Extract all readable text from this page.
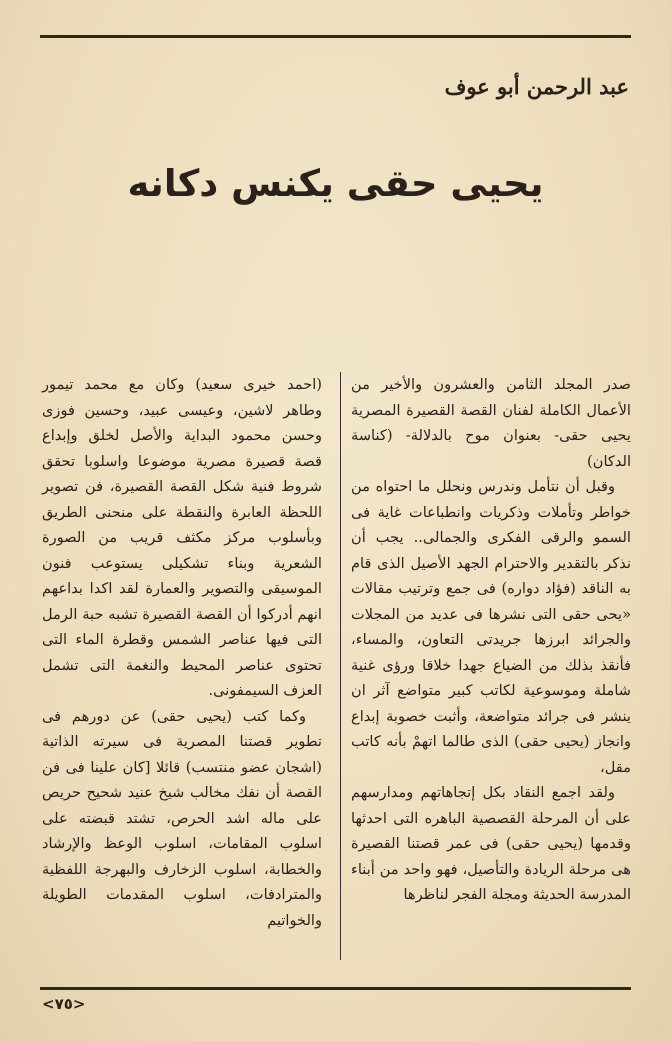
عبد الرحمن أبو عوف
يحيى حقى يكنس دكانه

صدر المجلد الثامن والعشرون والأخير من الأعمال الكاملة لفنان القصة القصيرة المصرية يحيى حقى- بعنوان موح بالدلالة- (كناسة الدكان)

وقبل أن نتأمل وندرس ونحلل ما احتواه من خواطر وتأملات وذكريات وانطباعات غاية فى السمو والرقى الفكرى والجمالى.. يجب أن نذكر بالتقدير والاحترام الجهد الأصيل الذى قام به الناقد (فؤاد دواره) فى جمع وترتيب مقالات «يحى حقى التى نشرها فى عديد من المجلات والجرائد ابرزها جريدتى التعاون، والمساء، فأنقذ بذلك من الضياع جهدا خلاقا ورؤى غنية شاملة وموسوعية لكاتب كبير متواضع آثر ان ينشر فى جرائد متواضعة، وأثبت خصوبة إبداع وانجاز (يحيى حقى) الذى طالما اتهمْ بأنه كاتب مقل،

ولقد اجمع النقاد بكل إتجاهاتهم ومدارسهم على أن المرحلة القصصية الباهره التى احدثها وقدمها (يحيى حقى) فى عمر قصتنا القصيرة هى مرحلة الريادة والتأصيل، فهو واحد من أبناء المدرسة الحديثة ومجلة الفجر لناظرها

(احمد خيرى سعيد) وكان مع محمد تيمور وطاهر لاشين، وعيسى عبيد، وحسين فوزى وحسن محمود البداية والأصل لخلق وإبداع قصة قصيرة مصرية موضوعا واسلوبا تحقق شروط فنية شكل القصة القصيرة، فن تصوير اللحظة العابرة والنقطة على منحنى الطريق وبأسلوب مركز مكثف قريب من الصورة الشعرية وبناء تشكيلى يستوعب فنون الموسيقى والتصوير والعمارة لقد اكدا بداعهم انهم أدركوا أن القصة القصيرة تشبه حبة الرمل التى فيها عناصر الشمس وقطرة الماء التى تحتوى عناصر المحيط والنغمة التى تشمل العزف السيمفونى.

وكما كتب (يحيى حقى) عن دورهم فى تطوير قصتنا المصرية فى سيرته الذاتية (اشجان عضو منتسب) قائلا [كان علينا فى فن القصة أن نفك مخالب شيخ عنيد شحيح حريص على ماله اشد الحرص، تشتد قبضته على اسلوب المقامات، اسلوب الوعظ والإرشاد والخطابة، اسلوب الزخارف والبهرجة اللفظية والمترادفات، اسلوب المقدمات الطويلة والخواتيم

<٧٥>
